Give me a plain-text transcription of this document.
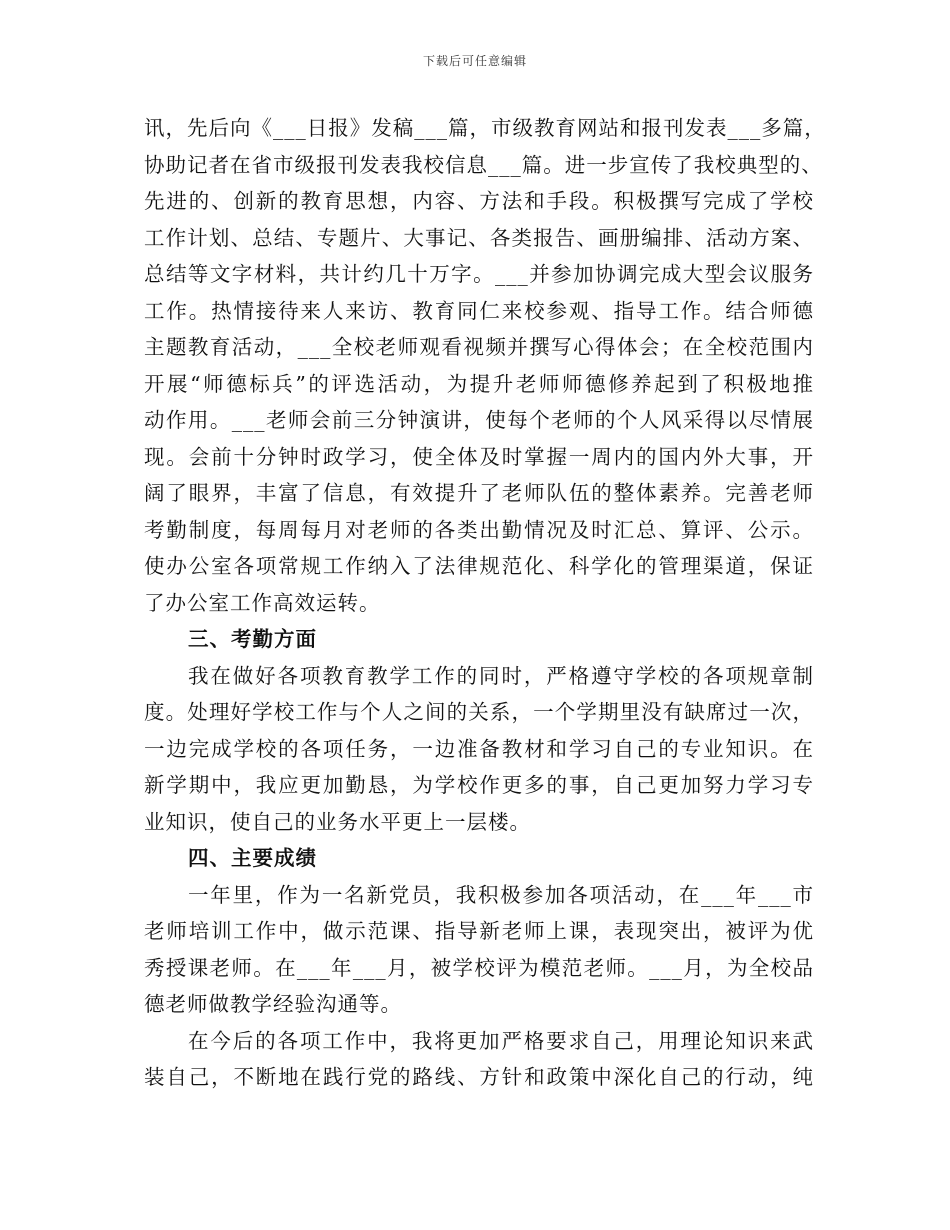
下载后可任意编辑
讯，先后向《___日报》发稿___篇，市级教育网站和报刊发表___多篇，
协助记者在省市级报刊发表我校信息___篇。进一步宣传了我校典型的、
先进的、创新的教育思想，内容、方法和手段。积极撰写完成了学校
工作计划、总结、专题片、大事记、各类报告、画册编排、活动方案、
总结等文字材料，共计约几十万字。___并参加协调完成大型会议服务
工作。热情接待来人来访、教育同仁来校参观、指导工作。结合师德
主题教育活动，___全校老师观看视频并撰写心得体会；在全校范围内
开展“师德标兵”的评选活动，为提升老师师德修养起到了积极地推
动作用。___老师会前三分钟演讲，使每个老师的个人风采得以尽情展
现。会前十分钟时政学习，使全体及时掌握一周内的国内外大事，开
阔了眼界，丰富了信息，有效提升了老师队伍的整体素养。完善老师
考勤制度，每周每月对老师的各类出勤情况及时汇总、算评、公示。
使办公室各项常规工作纳入了法律规范化、科学化的管理渠道，保证
了办公室工作高效运转。
三、考勤方面
我在做好各项教育教学工作的同时，严格遵守学校的各项规章制
度。处理好学校工作与个人之间的关系，一个学期里没有缺席过一次，
一边完成学校的各项任务，一边准备教材和学习自己的专业知识。在
新学期中，我应更加勤恳，为学校作更多的事，自己更加努力学习专
业知识，使自己的业务水平更上一层楼。
四、主要成绩
一年里，作为一名新党员，我积极参加各项活动，在___年___市
老师培训工作中，做示范课、指导新老师上课，表现突出，被评为优
秀授课老师。在___年___月，被学校评为模范老师。___月，为全校品
德老师做教学经验沟通等。
在今后的各项工作中，我将更加严格要求自己，用理论知识来武
装自己，不断地在践行党的路线、方针和政策中深化自己的行动，纯
